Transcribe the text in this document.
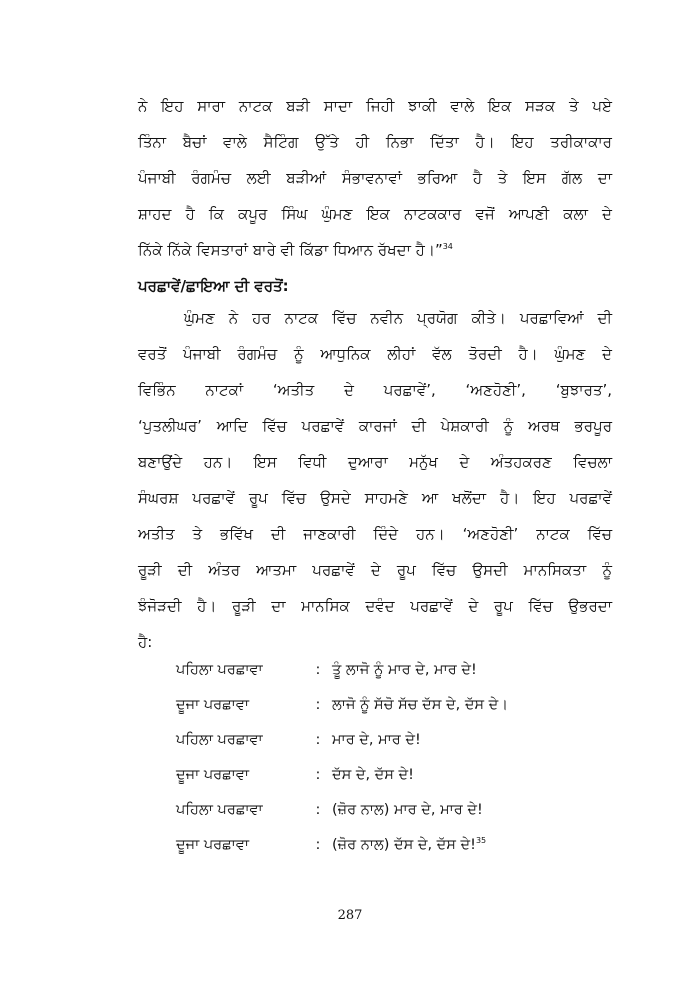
ਨੇ ਇਹ ਸਾਰਾ ਨਾਟਕ ਬੜੀ ਸਾਦਾ ਜਿਹੀ ਝਾਕੀ ਵਾਲੇ ਇਕ ਸੜਕ ਤੇ ਪਏ
ਤਿੰਨਾ ਬੈਚਾਂ ਵਾਲੇ ਸੈਟਿੰਗ ਉੱਤੇ ਹੀ ਨਿਭਾ ਦਿੱਤਾ ਹੈ। ਇਹ ਤਰੀਕਾਕਾਰ
ਪੰਜਾਬੀ ਰੰਗਮੰਚ ਲਈ ਬੜੀਆਂ ਸੰਭਾਵਨਾਵਾਂ ਭਰਿਆ ਹੈ ਤੇ ਇਸ ਗੱਲ ਦਾ
ਸ਼ਾਹਦ ਹੈ ਕਿ ਕਪੂਰ ਸਿੰਘ ਘੁੰਮਣ ਇਕ ਨਾਟਕਕਾਰ ਵਜੋਂ ਆਪਣੀ ਕਲਾ ਦੇ
ਨਿੱਕੇ ਨਿੱਕੇ ਵਿਸਤਾਰਾਂ ਬਾਰੇ ਵੀ ਕਿੱਡਾ ਧਿਆਨ ਰੱਖਦਾ ਹੈ।”$^{34}$
ਪਰਛਾਵੇਂ/ਛਾਇਆ ਦੀ ਵਰਤੋਂ:
ਘੁੰਮਣ ਨੇ ਹਰ ਨਾਟਕ ਵਿੱਚ ਨਵੀਨ ਪ੍ਰਯੋਗ ਕੀਤੇ। ਪਰਛਾਵਿਆਂ ਦੀ
ਵਰਤੋਂ ਪੰਜਾਬੀ ਰੰਗਮੰਚ ਨੂੰ ਆਧੁਨਿਕ ਲੀਹਾਂ ਵੱਲ ਤੋਰਦੀ ਹੈ। ਘੁੰਮਣ ਦੇ
ਵਿਭਿੰਨ ਨਾਟਕਾਂ ‘ਅਤੀਤ ਦੇ ਪਰਛਾਵੇਂ’, ‘ਅਣਹੋਣੀ’, ‘ਬੁਝਾਰਤ’,
‘ਪੁਤਲੀਘਰ’ ਆਦਿ ਵਿੱਚ ਪਰਛਾਵੇਂ ਕਾਰਜਾਂ ਦੀ ਪੇਸ਼ਕਾਰੀ ਨੂੰ ਅਰਥ ਭਰਪੂਰ
ਬਣਾਉਂਦੇ ਹਨ। ਇਸ ਵਿਧੀ ਦੁਆਰਾ ਮਨੁੱਖ ਦੇ ਅੰਤਹਕਰਣ ਵਿਚਲਾ
ਸੰਘਰਸ਼ ਪਰਛਾਵੇਂ ਰੂਪ ਵਿੱਚ ਉਸਦੇ ਸਾਹਮਣੇ ਆ ਖਲੋਂਦਾ ਹੈ। ਇਹ ਪਰਛਾਵੇਂ
ਅਤੀਤ ਤੇ ਭਵਿੱਖ ਦੀ ਜਾਣਕਾਰੀ ਦਿੰਦੇ ਹਨ। ‘ਅਣਹੋਣੀ’ ਨਾਟਕ ਵਿੱਚ
ਰੂੜੀ ਦੀ ਅੰਤਰ ਆਤਮਾ ਪਰਛਾਵੇਂ ਦੇ ਰੂਪ ਵਿੱਚ ਉਸਦੀ ਮਾਨਸਿਕਤਾ ਨੂੰ
ਝੰਜੋੜਦੀ ਹੈ। ਰੂੜੀ ਦਾ ਮਾਨਸਿਕ ਦਵੰਦ ਪਰਛਾਵੇਂ ਦੇ ਰੂਪ ਵਿੱਚ ਉਭਰਦਾ
ਹੈ:
ਪਹਿਲਾ ਪਰਛਾਵਾ	: ਤੂੰ ਲਾਜੋ ਨੂੰ ਮਾਰ ਦੇ, ਮਾਰ ਦੇ!
ਦੂਜਾ ਪਰਛਾਵਾ	: ਲਾਜੋ ਨੂੰ ਸੱਚੋ ਸੱਚ ਦੱਸ ਦੇ, ਦੱਸ ਦੇ।
ਪਹਿਲਾ ਪਰਛਾਵਾ	: ਮਾਰ ਦੇ, ਮਾਰ ਦੇ!
ਦੂਜਾ ਪਰਛਾਵਾ	: ਦੱਸ ਦੇ, ਦੱਸ ਦੇ!
ਪਹਿਲਾ ਪਰਛਾਵਾ	: (ਜ਼ੋਰ ਨਾਲ) ਮਾਰ ਦੇ, ਮਾਰ ਦੇ!
ਦੂਜਾ ਪਰਛਾਵਾ	: (ਜ਼ੋਰ ਨਾਲ) ਦੱਸ ਦੇ, ਦੱਸ ਦੇ!$^{35}$
287
